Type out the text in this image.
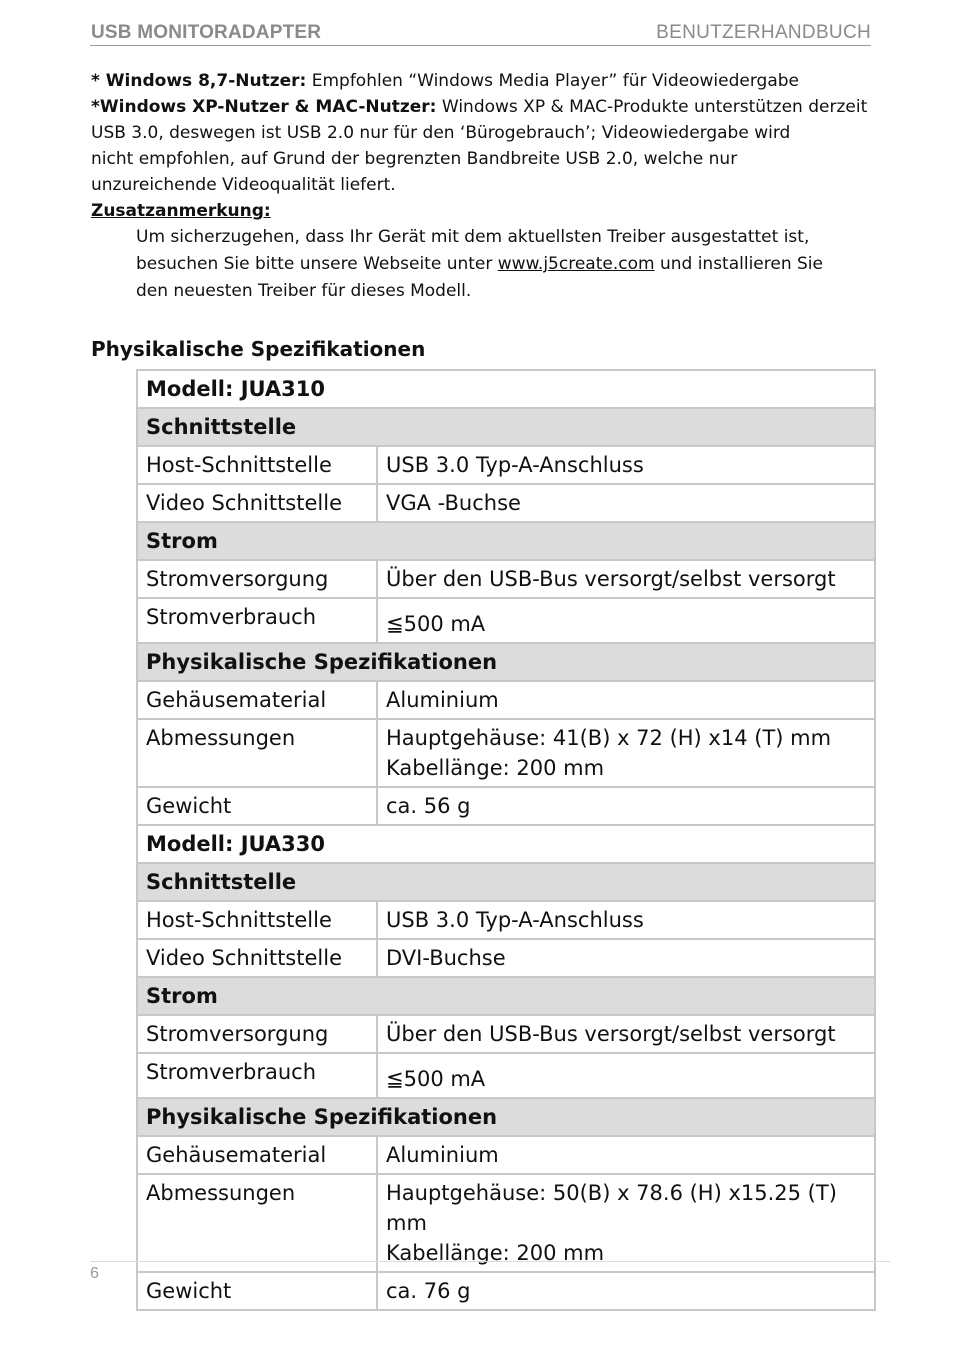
USB MONITORADAPTER	BENUTZERHANDBUCH
* Windows 8,7-Nutzer: Empfohlen “Windows Media Player” für Videowiedergabe
*Windows XP-Nutzer & MAC-Nutzer: Windows XP & MAC-Produkte unterstützen derzeit
USB 3.0, deswegen ist USB 2.0 nur für den ‘Bürogebrauch’; Videowiedergabe wird
nicht empfohlen, auf Grund der begrenzten Bandbreite USB 2.0, welche nur
unzureichende Videoqualität liefert.
Zusatzanmerkung:
Um sicherzugehen, dass Ihr Gerät mit dem aktuellsten Treiber ausgestattet ist,
besuchen Sie bitte unsere Webseite unter www.j5create.com und installieren Sie
den neuesten Treiber für dieses Modell.
Physikalische Spezifikationen
Modell: JUA310	
Schnittstelle	
Host-Schnittstelle	USB 3.0 Typ-A-Anschluss
Video Schnittstelle	VGA -Buchse
Strom	
Stromversorgung	Über den USB-Bus versorgt/selbst versorgt
Stromverbrauch	≦500 mA
Physikalische Spezifikationen	
Gehäusematerial	Aluminium
Abmessungen	Hauptgehäuse: 41(B) x 72 (H) x14 (T) mm
Kabellänge: 200 mm

Gewicht	ca. 56 g
Modell: JUA330	
Schnittstelle	
Host-Schnittstelle	USB 3.0 Typ-A-Anschluss
Video Schnittstelle	DVI-Buchse
Strom	
Stromversorgung	Über den USB-Bus versorgt/selbst versorgt
Stromverbrauch	≦500 mA
Physikalische Spezifikationen	
Gehäusematerial	Aluminium
Abmessungen	Hauptgehäuse: 50(B) x 78.6 (H) x15.25 (T)
mm
Kabellänge: 200 mm

Gewicht	ca. 76 g
6
